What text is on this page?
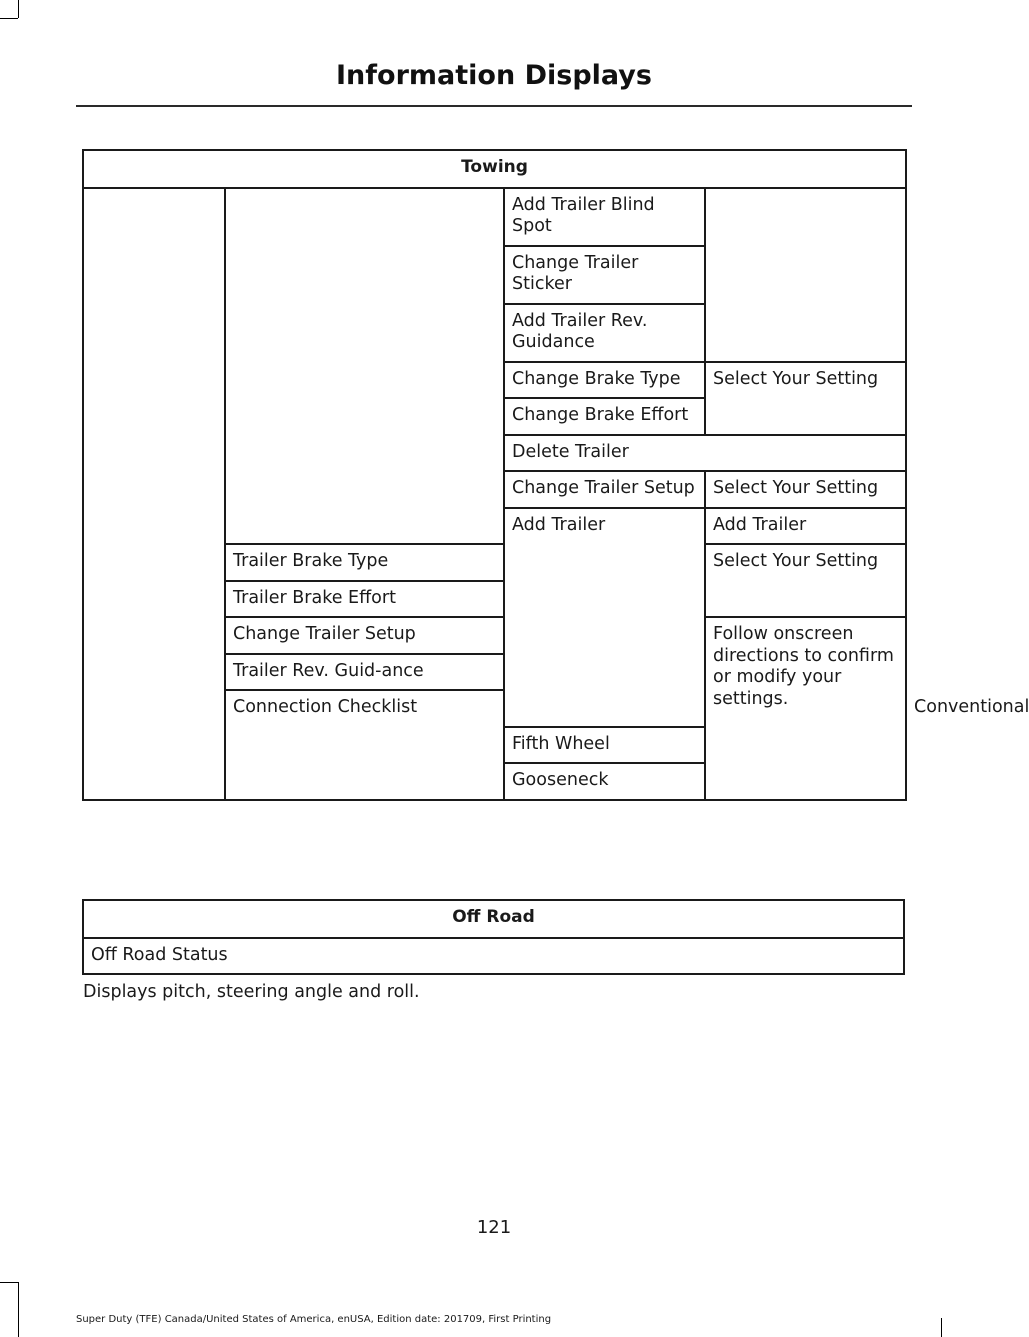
Information Displays
Towing				
		Add Trailer Blind Spot		
		Change Trailer Sticker		
		Add Trailer Rev. Guidance		
		Change Brake Type	Select Your Setting	
		Change Brake Effort		
		Delete Trailer		
		Change Trailer Setup	Select Your Setting	
		Add Trailer	Add Trailer	
	Trailer Brake Type		Select Your Setting	
	Trailer Brake Effort			
	Change Trailer Setup		Follow onscreen directions to confirm or modify your settings.	
	Trailer Rev. Guid-ance			
	Connection Checklist			Conventional
		Fifth Wheel		
		Gooseneck		
Off Road
Off Road Status
Displays pitch, steering angle and roll.
121
Super Duty (TFE) Canada/United States of America, enUSA, Edition date: 201709, First Printing
